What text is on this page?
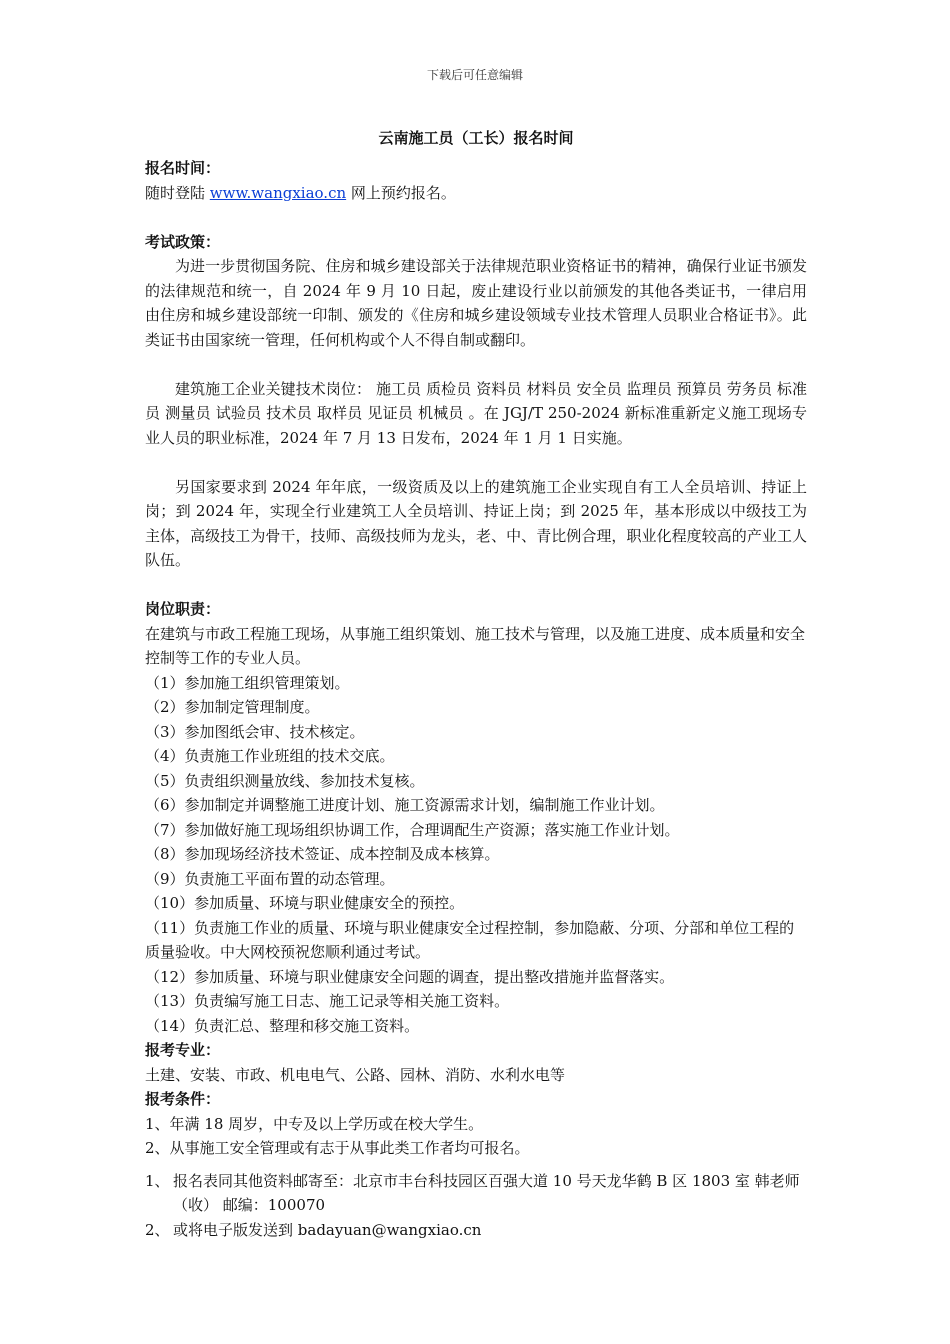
下载后可任意编辑
云南施工员（工长）报名时间

报名时间：

随时登陆 www.wangxiao.cn 网上预约报名。

考试政策：

为进一步贯彻国务院、住房和城乡建设部关于法律规范职业资格证书的精神，确保行业证书颁发的法律规范和统一，自 2024 年 9 月 10 日起，废止建设行业以前颁发的其他各类证书，一律启用由住房和城乡建设部统一印制、颁发的《住房和城乡建设领域专业技术管理人员职业合格证书》。此类证书由国家统一管理，任何机构或个人不得自制或翻印。

建筑施工企业关键技术岗位： 施工员 质检员 资料员 材料员 安全员 监理员 预算员 劳务员 标准员 测量员 试验员 技术员 取样员 见证员 机械员 。在 JGJ/T 250-2024 新标准重新定义施工现场专业人员的职业标准，2024 年 7 月 13 日发布，2024 年 1 月 1 日实施。

另国家要求到 2024 年年底，一级资质及以上的建筑施工企业实现自有工人全员培训、持证上岗；到 2024 年，实现全行业建筑工人全员培训、持证上岗；到 2025 年，基本形成以中级技工为主体，高级技工为骨干，技师、高级技师为龙头，老、中、青比例合理，职业化程度较高的产业工人队伍。

岗位职责：

在建筑与市政工程施工现场，从事施工组织策划、施工技术与管理，以及施工进度、成本质量和安全控制等工作的专业人员。

（1）参加施工组织管理策划。

（2）参加制定管理制度。

（3）参加图纸会审、技术核定。

（4）负责施工作业班组的技术交底。

（5）负责组织测量放线、参加技术复核。

（6）参加制定并调整施工进度计划、施工资源需求计划，编制施工作业计划。

（7）参加做好施工现场组织协调工作，合理调配生产资源；落实施工作业计划。

（8）参加现场经济技术签证、成本控制及成本核算。

（9）负责施工平面布置的动态管理。

（10）参加质量、环境与职业健康安全的预控。

（11）负责施工作业的质量、环境与职业健康安全过程控制，参加隐蔽、分项、分部和单位工程的质量验收。中大网校预祝您顺利通过考试。

（12）参加质量、环境与职业健康安全问题的调查，提出整改措施并监督落实。

（13）负责编写施工日志、施工记录等相关施工资料。

（14）负责汇总、整理和移交施工资料。

报考专业：

土建、安装、市政、机电电气、公路、园林、消防、水利水电等

报考条件：

1、年满 18 周岁，中专及以上学历或在校大学生。

2、从事施工安全管理或有志于从事此类工作者均可报名。

1、 报名表同其他资料邮寄至：北京市丰台科技园区百强大道 10 号天龙华鹤 B 区 1803 室 韩老师（收） 邮编：100070
2、 或将电子版发送到 badayuan@wangxiao.cn
